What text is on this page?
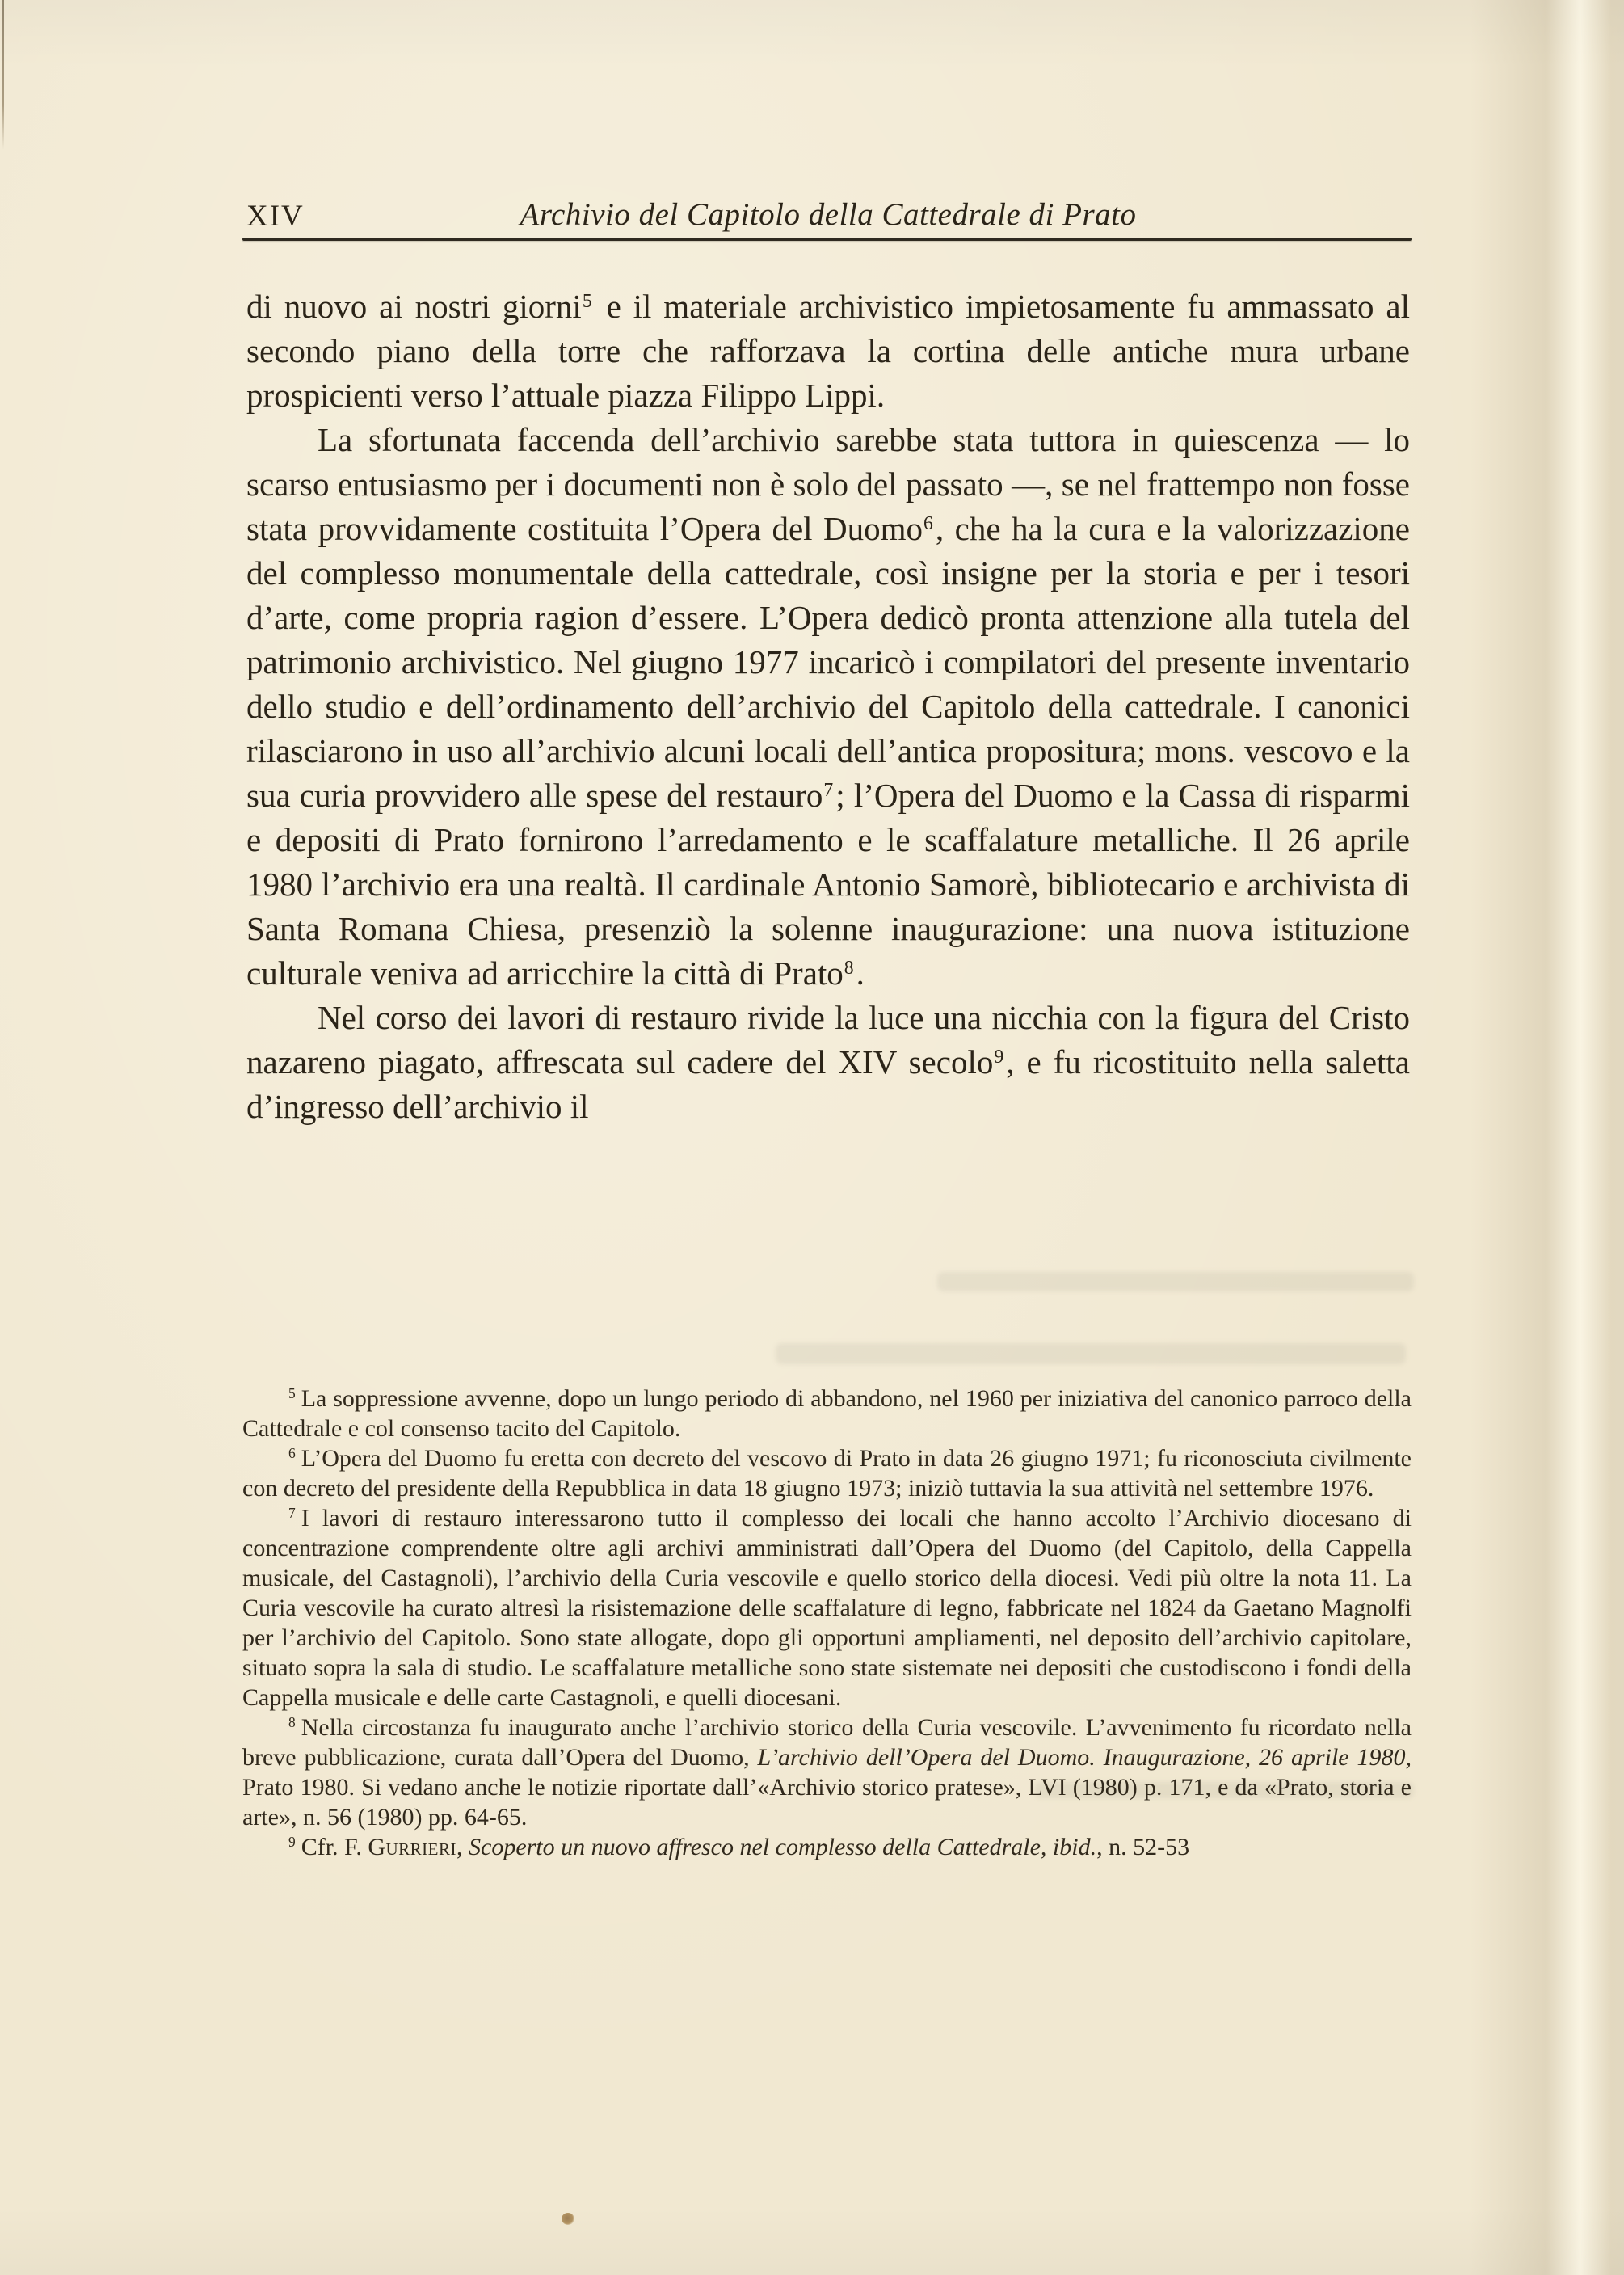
XIV	Archivio del Capitolo della Cattedrale di Prato

di nuovo ai nostri giorni$^5$ e il materiale archivistico impietosamente fu ammassato al secondo piano della torre che rafforzava la cortina delle antiche mura urbane prospicienti verso l’attuale piazza Filippo Lippi.

La sfortunata faccenda dell’archivio sarebbe stata tuttora in quiescenza — lo scarso entusiasmo per i documenti non è solo del passato —, se nel frattempo non fosse stata provvidamente costituita l’Opera del Duomo$^6$, che ha la cura e la valorizzazione del complesso monumentale della cattedrale, così insigne per la storia e per i tesori d’arte, come propria ragion d’essere. L’Opera dedicò pronta attenzione alla tutela del patrimonio archivistico. Nel giugno 1977 incaricò i compilatori del presente inventario dello studio e dell’ordinamento dell’archivio del Capitolo della cattedrale. I canonici rilasciarono in uso all’archivio alcuni locali dell’antica propositura; mons. vescovo e la sua curia provvidero alle spese del restauro$^7$; l’Opera del Duomo e la Cassa di risparmi e depositi di Prato fornirono l’arredamento e le scaffalature metalliche. Il 26 aprile 1980 l’archivio era una realtà. Il cardinale Antonio Samorè, bibliotecario e archivista di Santa Romana Chiesa, presenziò la solenne inaugurazione: una nuova istituzione culturale veniva ad arricchire la città di Prato$^8$.

Nel corso dei lavori di restauro rivide la luce una nicchia con la figura del Cristo nazareno piagato, affrescata sul cadere del XIV secolo$^9$, e fu ricostituito nella saletta d’ingresso dell’archivio il

$^5$ La soppressione avvenne, dopo un lungo periodo di abbandono, nel 1960 per iniziativa del canonico parroco della Cattedrale e col consenso tacito del Capitolo.

$^6$ L’Opera del Duomo fu eretta con decreto del vescovo di Prato in data 26 giugno 1971; fu riconosciuta civilmente con decreto del presidente della Repubblica in data 18 giugno 1973; iniziò tuttavia la sua attività nel settembre 1976.

$^7$ I lavori di restauro interessarono tutto il complesso dei locali che hanno accolto l’Archivio diocesano di concentrazione comprendente oltre agli archivi amministrati dall’Opera del Duomo (del Capitolo, della Cappella musicale, del Castagnoli), l’archivio della Curia vescovile e quello storico della diocesi. Vedi più oltre la nota 11. La Curia vescovile ha curato altresì la risistemazione delle scaffalature di legno, fabbricate nel 1824 da Gaetano Magnolfi per l’archivio del Capitolo. Sono state allogate, dopo gli opportuni ampliamenti, nel deposito dell’archivio capitolare, situato sopra la sala di studio. Le scaffalature metalliche sono state sistemate nei depositi che custodiscono i fondi della Cappella musicale e delle carte Castagnoli, e quelli diocesani.

$^8$ Nella circostanza fu inaugurato anche l’archivio storico della Curia vescovile. L’avvenimento fu ricordato nella breve pubblicazione, curata dall’Opera del Duomo, L’archivio dell’Opera del Duomo. Inaugurazione, 26 aprile 1980, Prato 1980. Si vedano anche le notizie riportate dall’«Archivio storico pratese», LVI (1980) p. 171, e da «Prato, storia e arte», n. 56 (1980) pp. 64-65.

$^9$ Cfr. F. Gurrieri, Scoperto un nuovo affresco nel complesso della Cattedrale, ibid., n. 52-53
